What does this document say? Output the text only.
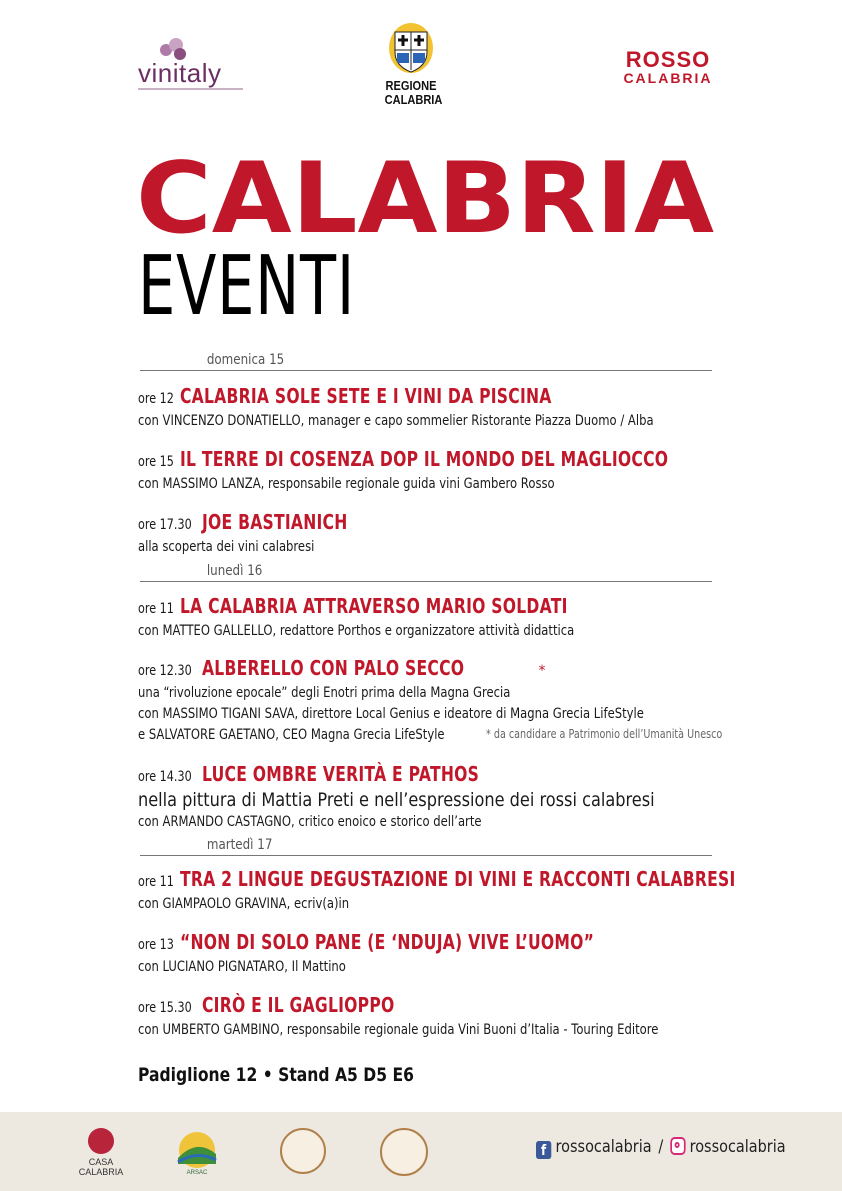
vinitaly	REGIONE
CALABRIA
ROSSO
CALABRIA
CALABRIA
EVENTI
domenica 15
lunedì 16
martedì 17
ore 12 CALABRIA SOLE SETE E I VINI DA PISCINA
con VINCENZO DONATIELLO, manager e capo sommelier Ristorante Piazza Duomo / Alba
ore 15 IL TERRE DI COSENZA DOP IL MONDO DEL MAGLIOCCO
con MASSIMO LANZA, responsabile regionale guida vini Gambero Rosso
ore 17.30 JOE BASTIANICH
alla scoperta dei vini calabresi
ore 11 LA CALABRIA ATTRAVERSO MARIO SOLDATI
con MATTEO GALLELLO, redattore Porthos e organizzatore attività didattica
ore 12.30 ALBERELLO CON PALO SECCO	*
una “rivoluzione epocale” degli Enotri prima della Magna Grecia
con MASSIMO TIGANI SAVA, direttore Local Genius e ideatore di Magna Grecia LifeStyle
e SALVATORE GAETANO, CEO Magna Grecia LifeStyle	* da candidare a Patrimonio dell’Umanità Unesco
ore 14.30 LUCE OMBRE VERITÀ E PATHOS
nella pittura di Mattia Preti e nell’espressione dei rossi calabresi
con ARMANDO CASTAGNO, critico enoico e storico dell’arte
ore 11 TRA 2 LINGUE DEGUSTAZIONE DI VINI E RACCONTI CALABRESI
con GIAMPAOLO GRAVINA, ecriv(a)in
ore 13 “NON DI SOLO PANE (E ‘NDUJA) VIVE L’UOMO”
con LUCIANO PIGNATARO, Il Mattino
ore 15.30 CIRÒ E IL GAGLIOPPO
con UMBERTO GAMBINO, responsabile regionale guida Vini Buoni d’Italia - Touring Editore
Padiglione 12 • Stand A5 D5 E6
CASA CALABRIA	ARSAC
f rossocalabria / rossocalabria
